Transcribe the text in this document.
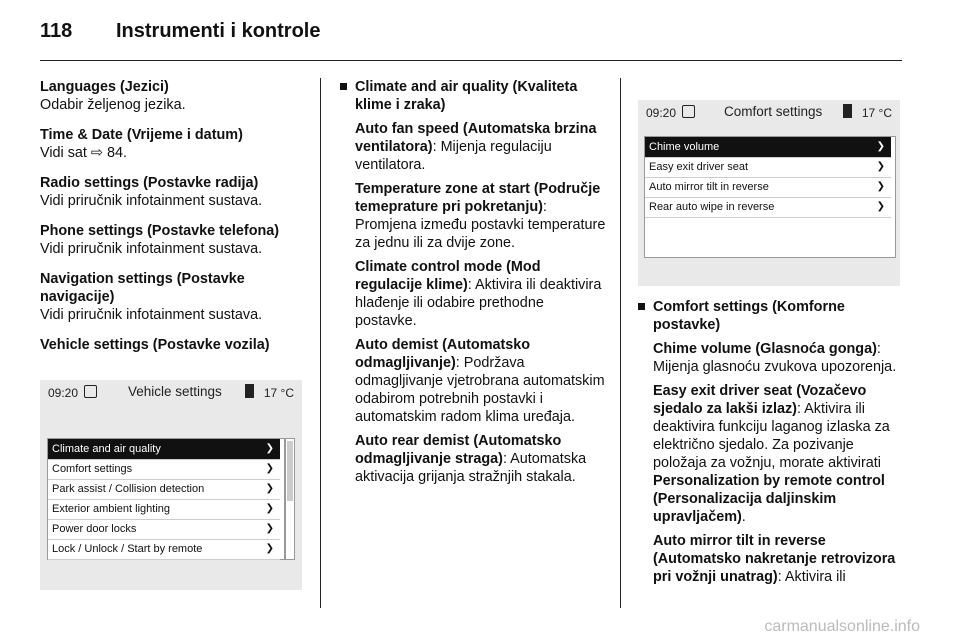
118 Instrumenti i kontrole
Languages (Jezici)
Odabir željenog jezika.
Time & Date (Vrijeme i datum)
Vidi sat ⇨ 84.
Radio settings (Postavke radija)
Vidi priručnik infotainment sustava.
Phone settings (Postavke telefona)
Vidi priručnik infotainment sustava.
Navigation settings (Postavke navigacije)
Vidi priručnik infotainment sustava.
Vehicle settings (Postavke vozila)
09:20	Vehicle settings	17 °C
Climate and air quality	❯
Comfort settings	❯
Park assist / Collision detection	❯
Exterior ambient lighting	❯
Power door locks	❯
Lock / Unlock / Start by remote	❯
Climate and air quality (Kvaliteta klime i zraka)

Auto fan speed (Automatska brzina ventilatora): Mijenja regulaciju ventilatora.

Temperature zone at start (Područje temeprature pri pokretanju): Promjena između postavki temperature za jednu ili za dvije zone.

Climate control mode (Mod regulacije klime): Aktivira ili deaktivira hlađenje ili odabire prethodne postavke.

Auto demist (Automatsko odmagljivanje): Podržava odmagljivanje vjetrobrana automatskim odabirom potrebnih postavki i automatskim radom klima uređaja.

Auto rear demist (Automatsko odmagljivanje straga): Automatska aktivacija grijanja stražnjih stakala.

09:20	Comfort settings	17 °C
Chime volume	❯
Easy exit driver seat	❯
Auto mirror tilt in reverse	❯
Rear auto wipe in reverse	❯
Comfort settings (Komforne postavke)

Chime volume (Glasnoća gonga): Mijenja glasnoću zvukova upozorenja.

Easy exit driver seat (Vozačevo sjedalo za lakši izlaz): Aktivira ili deaktivira funkciju laganog izlaska za električno sjedalo. Za pozivanje položaja za vožnju, morate aktivirati Personalization by remote control (Personalizacija daljinskim upravljačem).

Auto mirror tilt in reverse (Automatsko nakretanje retrovizora pri vožnji unatrag): Aktivira ili

carmanualsonline.info
